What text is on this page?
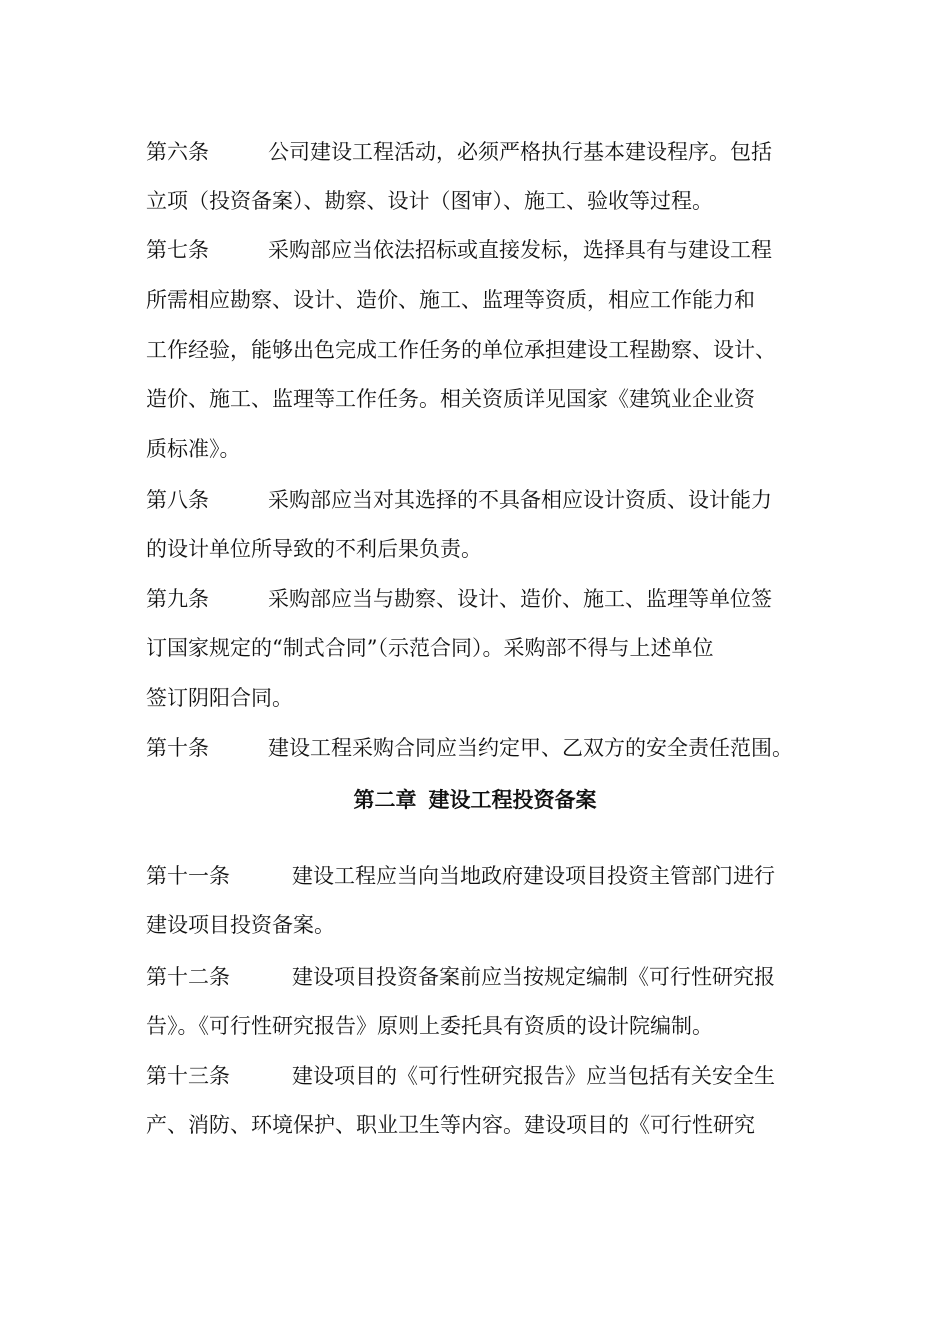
第六条	公司建设工程活动，必须严格执行基本建设程序。包括
立项（投资备案）、勘察、设计（图审）、施工、验收等过程。
第七条	采购部应当依法招标或直接发标，选择具有与建设工程
所需相应勘察、设计、造价、施工、监理等资质，相应工作能力和
工作经验，能够出色完成工作任务的单位承担建设工程勘察、设计、
造价、施工、监理等工作任务。相关资质详见国家《建筑业企业资
质标准》。
第八条	采购部应当对其选择的不具备相应设计资质、设计能力
的设计单位所导致的不利后果负责。
第九条	采购部应当与勘察、设计、造价、施工、监理等单位签
订国家规定的“制式合同”（示范合同）。采购部不得与上述单位
签订阴阳合同。
第十条	建设工程采购合同应当约定甲、乙双方的安全责任范围。
第二章 建设工程投资备案
第十一条	建设工程应当向当地政府建设项目投资主管部门进行
建设项目投资备案。
第十二条	建设项目投资备案前应当按规定编制《可行性研究报
告》。《可行性研究报告》原则上委托具有资质的设计院编制。
第十三条	建设项目的《可行性研究报告》应当包括有关安全生
产、消防、环境保护、职业卫生等内容。建设项目的《可行性研究
